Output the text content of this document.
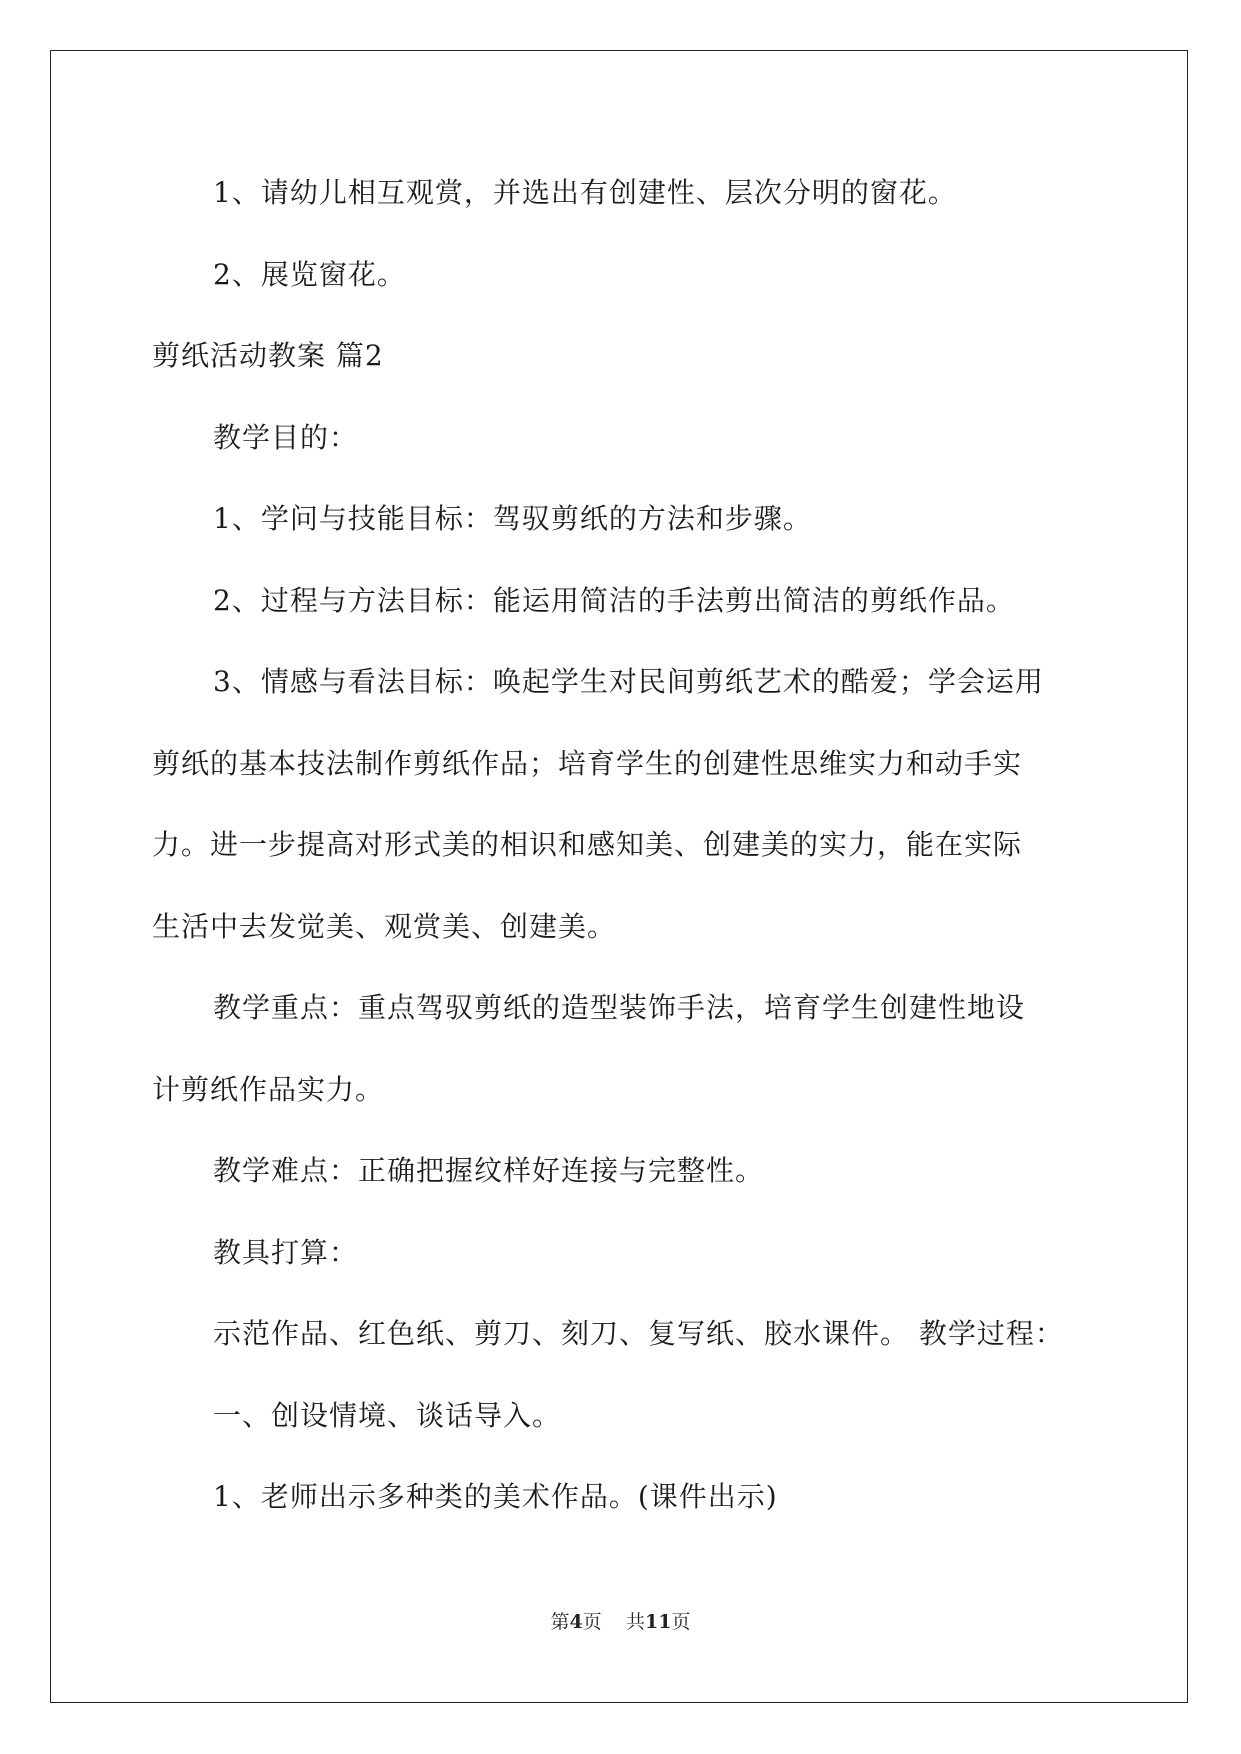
1、请幼儿相互观赏，并选出有创建性、层次分明的窗花。
2、展览窗花。
剪纸活动教案 篇2
教学目的：
1、学问与技能目标：驾驭剪纸的方法和步骤。
2、过程与方法目标：能运用简洁的手法剪出简洁的剪纸作品。
3、情感与看法目标：唤起学生对民间剪纸艺术的酷爱；学会运用
剪纸的基本技法制作剪纸作品；培育学生的创建性思维实力和动手实
力。进一步提高对形式美的相识和感知美、创建美的实力，能在实际
生活中去发觉美、观赏美、创建美。
教学重点：重点驾驭剪纸的造型装饰手法，培育学生创建性地设
计剪纸作品实力。
教学难点：正确把握纹样好连接与完整性。
教具打算：
示范作品、红色纸、剪刀、刻刀、复写纸、胶水课件。 教学过程：
一、创设情境、谈话导入。
1、老师出示多种类的美术作品。(课件出示)
第4页 共11页
